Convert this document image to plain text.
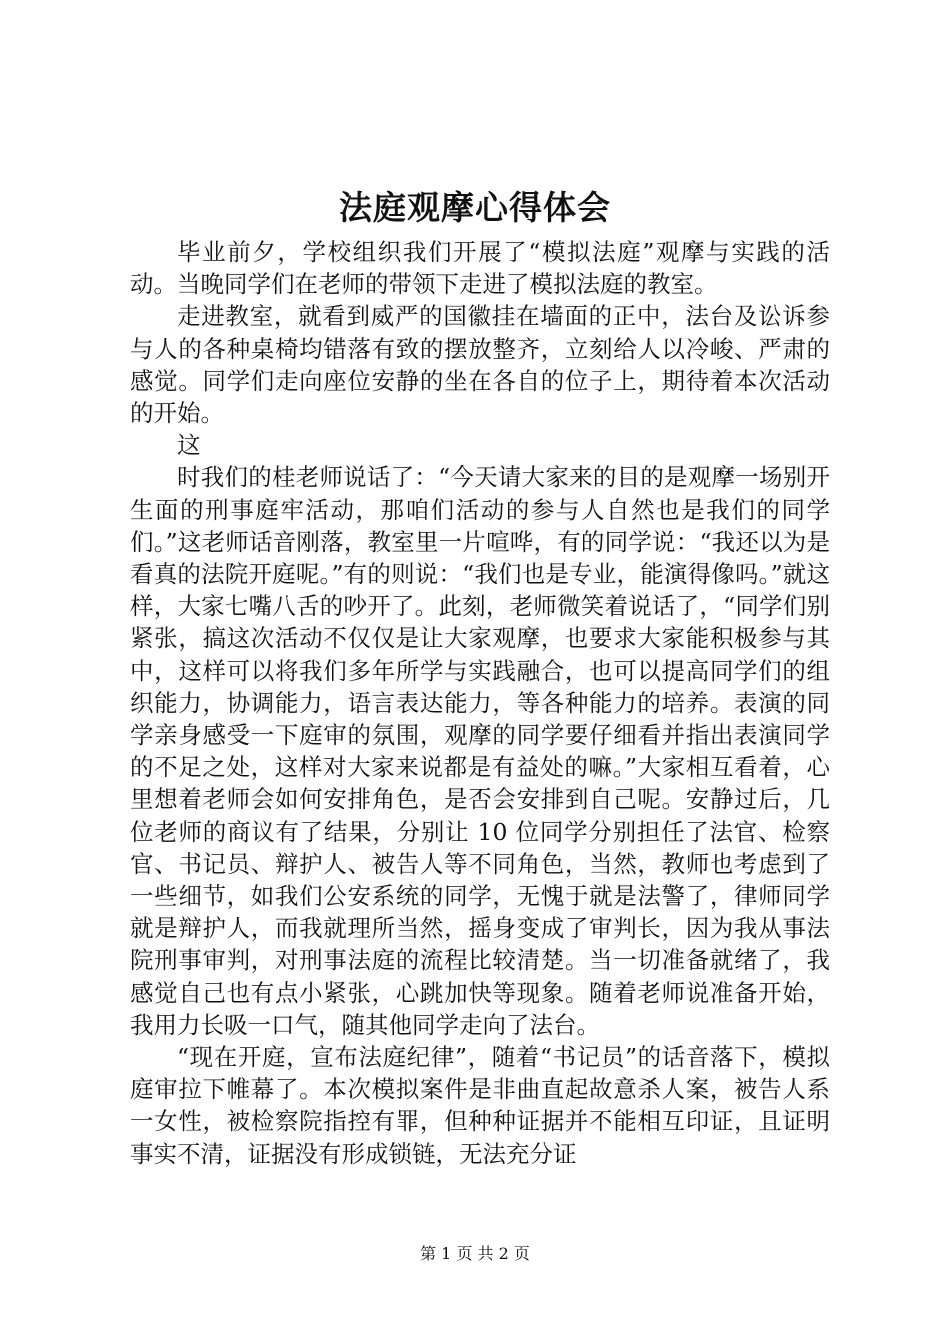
法庭观摩心得体会

毕业前夕，学校组织我们开展了“模拟法庭”观摩与实践的活动。当晚同学们在老师的带领下走进了模拟法庭的教室。

走进教室，就看到威严的国徽挂在墙面的正中，法台及讼诉参与人的各种桌椅均错落有致的摆放整齐，立刻给人以冷峻、严肃的感觉。同学们走向座位安静的坐在各自的位子上，期待着本次活动的开始。

这

时我们的桂老师说话了：“今天请大家来的目的是观摩一场别开生面的刑事庭牢活动，那咱们活动的参与人自然也是我们的同学们。”这老师话音刚落，教室里一片喧哗，有的同学说：“我还以为是看真的法院开庭呢。”有的则说：“我们也是专业，能演得像吗。”就这样，大家七嘴八舌的吵开了。此刻，老师微笑着说话了，“同学们别紧张，搞这次活动不仅仅是让大家观摩，也要求大家能积极参与其中，这样可以将我们多年所学与实践融合，也可以提高同学们的组织能力，协调能力，语言表达能力，等各种能力的培养。表演的同学亲身感受一下庭审的氛围，观摩的同学要仔细看并指出表演同学的不足之处，这样对大家来说都是有益处的嘛。”大家相互看着，心里想着老师会如何安排角色，是否会安排到自己呢。安静过后，几位老师的商议有了结果，分别让 10 位同学分别担任了法官、检察官、书记员、辩护人、被告人等不同角色，当然，教师也考虑到了一些细节，如我们公安系统的同学，无愧于就是法警了，律师同学就是辩护人，而我就理所当然，摇身变成了审判长，因为我从事法院刑事审判，对刑事法庭的流程比较清楚。当一切准备就绪了，我感觉自己也有点小紧张，心跳加快等现象。随着老师说准备开始，我用力长吸一口气，随其他同学走向了法台。

“现在开庭，宣布法庭纪律”，随着“书记员”的话音落下，模拟庭审拉下帷幕了。本次模拟案件是非曲直起故意杀人案，被告人系一女性，被检察院指控有罪，但种种证据并不能相互印证，且证明事实不清，证据没有形成锁链，无法充分证

第 1 页 共 2 页
